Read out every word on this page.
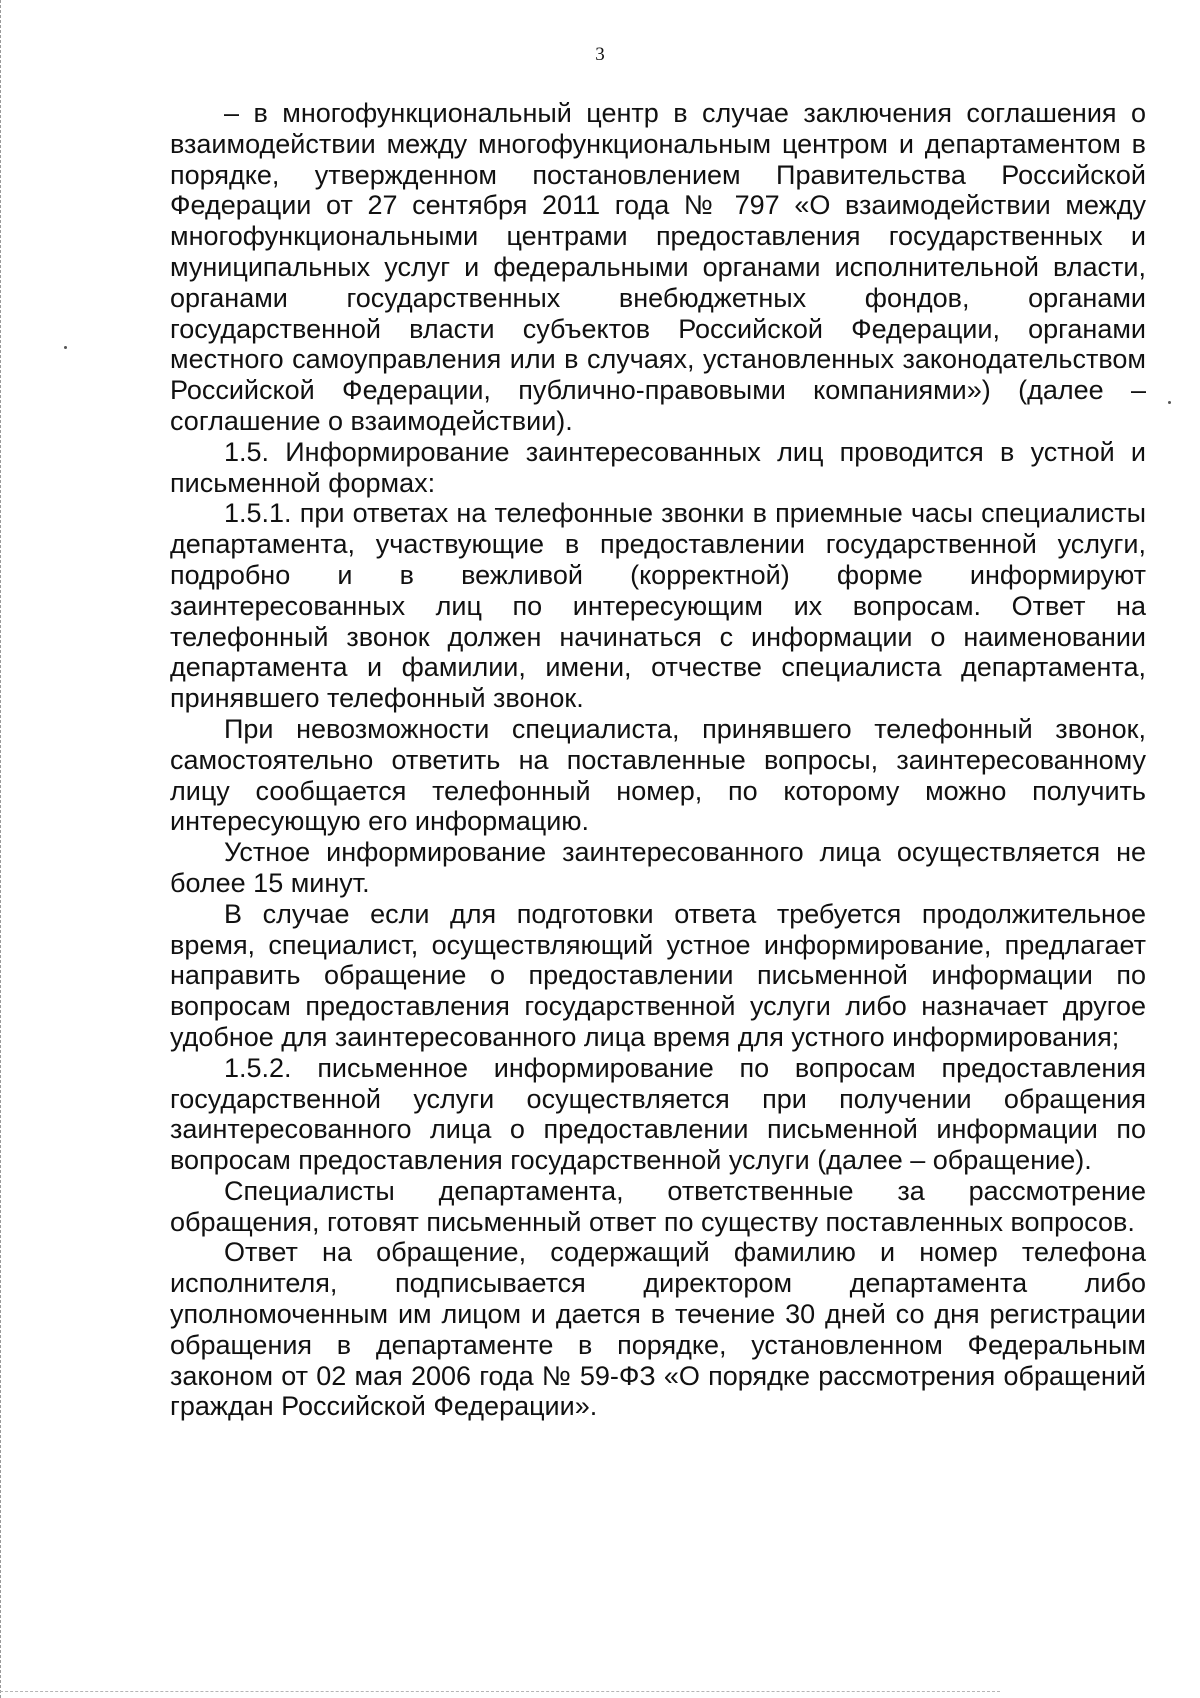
3

– в многофункциональный центр в случае заключения соглашения о взаимодействии между многофункциональным центром и департаментом в порядке, утвержденном постановлением Правительства Российской Федерации от 27 сентября 2011 года № 797 «О взаимодействии между многофункциональными центрами предоставления государственных и муниципальных услуг и федеральными органами исполнительной власти, органами государственных внебюджетных фондов, органами государственной власти субъектов Российской Федерации, органами местного самоуправления или в случаях, установленных законодательством Российской Федерации, публично-правовыми компаниями») (далее – соглашение о взаимодействии).

1.5. Информирование заинтересованных лиц проводится в устной и письменной формах:

1.5.1. при ответах на телефонные звонки в приемные часы специалисты департамента, участвующие в предоставлении государственной услуги, подробно и в вежливой (корректной) форме информируют заинтересованных лиц по интересующим их вопросам. Ответ на телефонный звонок должен начинаться с информации о наименовании департамента и фамилии, имени, отчестве специалиста департамента, принявшего телефонный звонок.

При невозможности специалиста, принявшего телефонный звонок, самостоятельно ответить на поставленные вопросы, заинтересованному лицу сообщается телефонный номер, по которому можно получить интересующую его информацию.

Устное информирование заинтересованного лица осуществляется не более 15 минут.

В случае если для подготовки ответа требуется продолжительное время, специалист, осуществляющий устное информирование, предлагает направить обращение о предоставлении письменной информации по вопросам предоставления государственной услуги либо назначает другое удобное для заинтересованного лица время для устного информирования;

1.5.2. письменное информирование по вопросам предоставления государственной услуги осуществляется при получении обращения заинтересованного лица о предоставлении письменной информации по вопросам предоставления государственной услуги (далее – обращение).

Специалисты департамента, ответственные за рассмотрение обращения, готовят письменный ответ по существу поставленных вопросов.

Ответ на обращение, содержащий фамилию и номер телефона исполнителя, подписывается директором департамента либо уполномоченным им лицом и дается в течение 30 дней со дня регистрации обращения в департаменте в порядке, установленном Федеральным законом от 02 мая 2006 года № 59-ФЗ «О порядке рассмотрения обращений граждан Российской Федерации».
